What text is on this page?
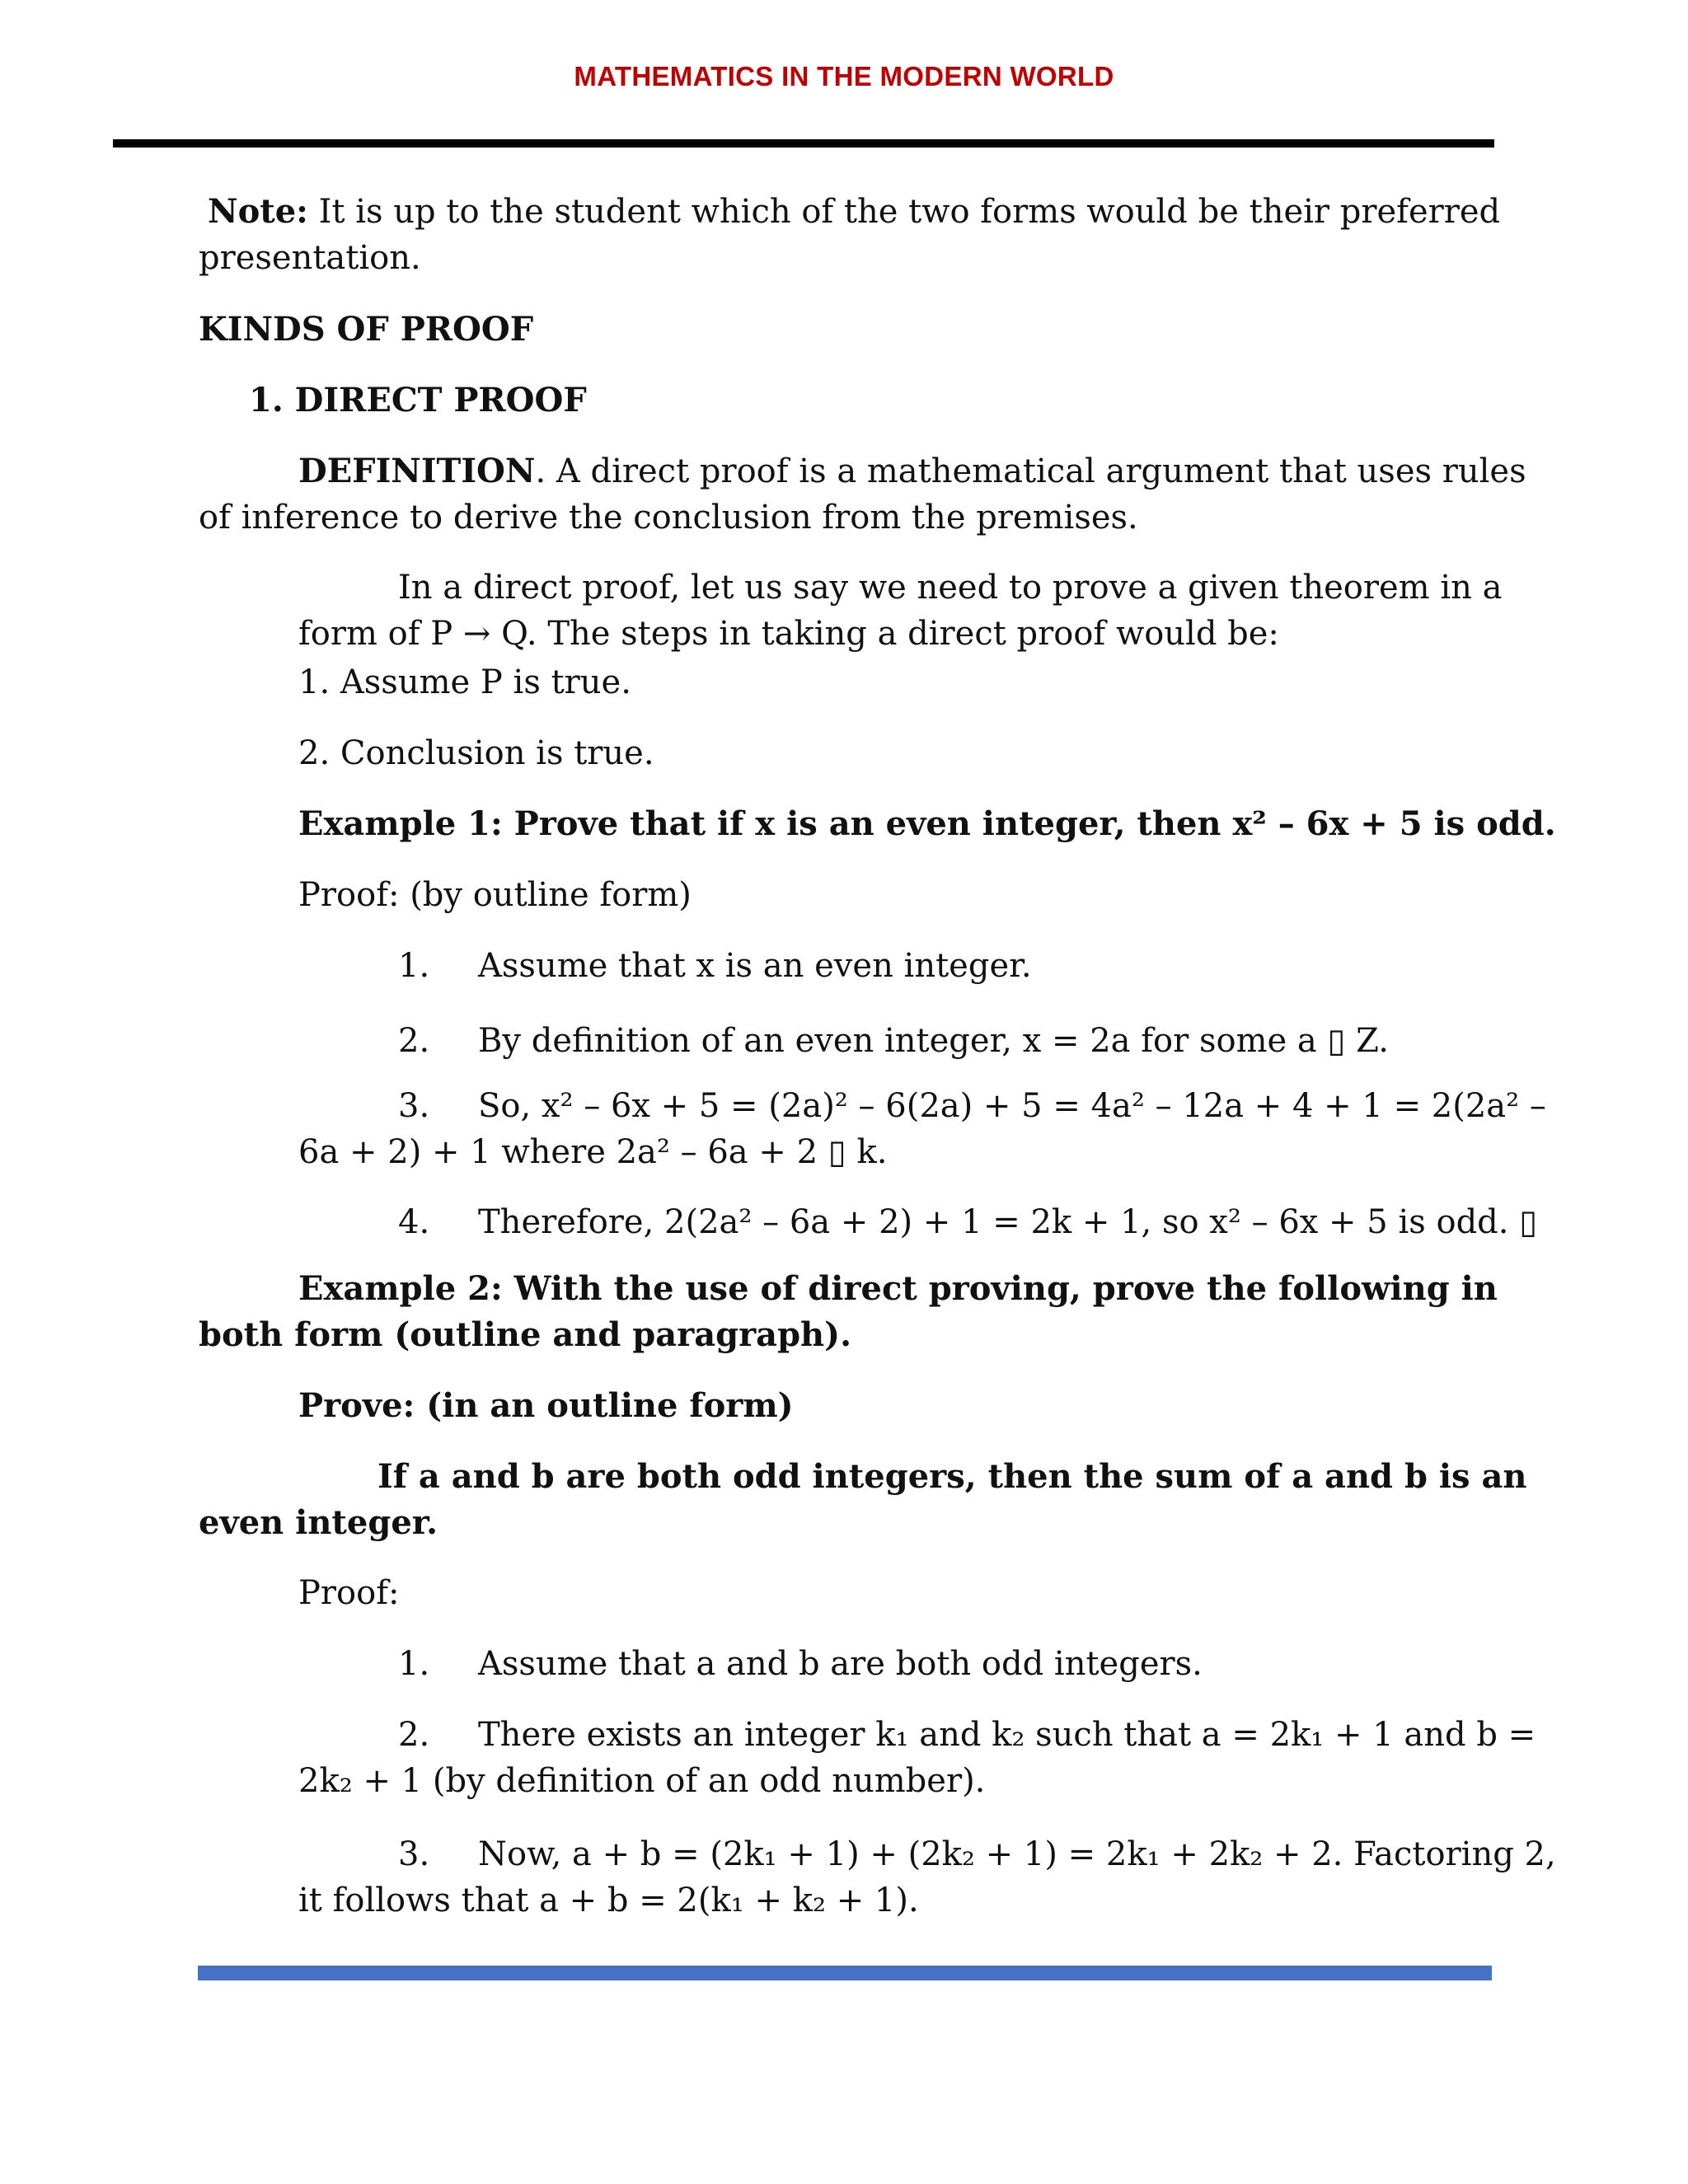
MATHEMATICS IN THE MODERN WORLD
Note: It is up to the student which of the two forms would be their preferred
presentation.
KINDS OF PROOF
1. DIRECT PROOF
DEFINITION. A direct proof is a mathematical argument that uses rules
of inference to derive the conclusion from the premises.
In a direct proof, let us say we need to prove a given theorem in a
form of P → Q. The steps in taking a direct proof would be:
1. Assume P is true.
2. Conclusion is true.
Example 1: Prove that if x is an even integer, then x² – 6x + 5 is odd.
Proof: (by outline form)
1. Assume that x is an even integer.
2. By definition of an even integer, x = 2a for some a ▯ Z.
3. So, x² – 6x + 5 = (2a)² – 6(2a) + 5 = 4a² – 12a + 4 + 1 = 2(2a² –
6a + 2) + 1 where 2a² – 6a + 2 ▯ k.
4. Therefore, 2(2a² – 6a + 2) + 1 = 2k + 1, so x² – 6x + 5 is odd. ▯
Example 2: With the use of direct proving, prove the following in
both form (outline and paragraph).
Prove: (in an outline form)
If a and b are both odd integers, then the sum of a and b is an
even integer.
Proof:
1. Assume that a and b are both odd integers.
2. There exists an integer k₁ and k₂ such that a = 2k₁ + 1 and b =
2k₂ + 1 (by definition of an odd number).
3. Now, a + b = (2k₁ + 1) + (2k₂ + 1) = 2k₁ + 2k₂ + 2. Factoring 2,
it follows that a + b = 2(k₁ + k₂ + 1).
